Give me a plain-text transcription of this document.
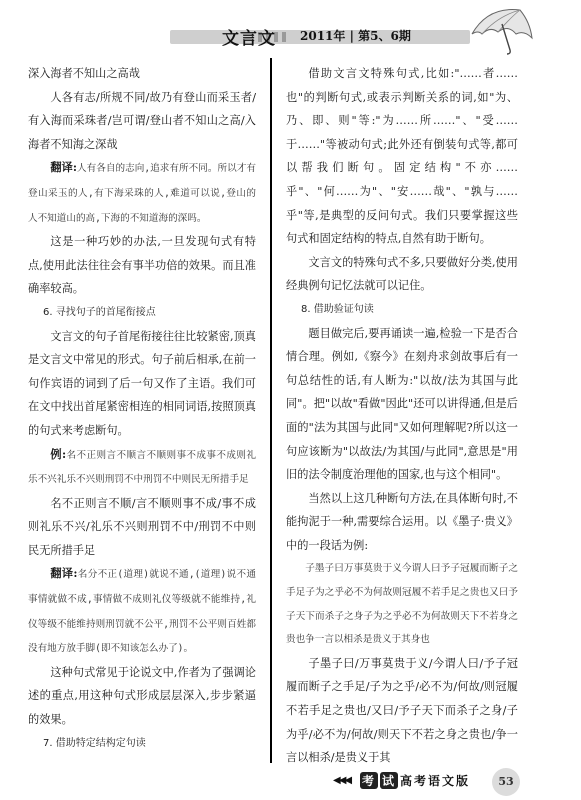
文言文 2011年 | 第5、6期

深入海者不知山之高哉

人各有志/所规不同/故乃有登山而采玉者/有入海而采珠者/岂可谓/登山者不知山之高/入海者不知海之深哉

翻译:人有各自的志向,追求有所不同。所以才有登山采玉的人,有下海采珠的人,难道可以说,登山的人不知道山的高,下海的不知道海的深吗。

这是一种巧妙的办法,一旦发现句式有特点,使用此法往往会有事半功倍的效果。而且准确率较高。

6. 寻找句子的首尾衔接点

文言文的句子首尾衔接往往比较紧密,顶真是文言文中常见的形式。句子前后相承,在前一句作宾语的词到了后一句又作了主语。我们可在文中找出首尾紧密相连的相同词语,按照顶真的句式来考虑断句。

例:名不正则言不顺言不顺则事不成事不成则礼乐不兴礼乐不兴则刑罚不中刑罚不中则民无所措手足

名不正则言不顺/言不顺则事不成/事不成则礼乐不兴/礼乐不兴则刑罚不中/刑罚不中则民无所措手足

翻译:名分不正(道理)就说不通,(道理)说不通事情就做不成,事情做不成则礼仪等级就不能维持,礼仪等级不能维持则刑罚就不公平,刑罚不公平则百姓都没有地方放手脚(即不知该怎么办了)。

这种句式常见于论说文中,作者为了强调论述的重点,用这种句式形成层层深入,步步紧逼的效果。

7. 借助特定结构定句读

借助文言文特殊句式,比如:"……者……也"的判断句式,或表示判断关系的词,如"为、乃、即、则"等:"为……所……"、"受……于……"等被动句式;此外还有倒装句式等,都可以帮我们断句。固定结构"不亦……乎"、"何……为"、"安……哉"、"孰与……乎"等,是典型的反问句式。我们只要掌握这些句式和固定结构的特点,自然有助于断句。

文言文的特殊句式不多,只要做好分类,使用经典例句记忆法就可以记住。

8. 借助验证句读

题目做完后,要再诵读一遍,检验一下是否合情合理。例如,《察今》在刻舟求剑故事后有一句总结性的话,有人断为:"以故/法为其国与此同"。把"以故"看做"因此"还可以讲得通,但是后面的"法为其国与此同"又如何理解呢?所以这一句应该断为"以故法/为其国/与此同",意思是"用旧的法令制度治理他的国家,也与这个相同"。

当然以上这几种断句方法,在具体断句时,不能拘泥于一种,需要综合运用。以《墨子·贵义》中的一段话为例:

子墨子曰万事莫贵于义今谓人曰予子冠履而断子之手足子为之乎必不为何故则冠履不若手足之贵也又曰予子天下而杀子之身子为之乎必不为何故则天下不若身之贵也争一言以相杀是贵义于其身也

子墨子曰/万事莫贵于义/今谓人曰/予子冠履而断子之手足/子为之乎/必不为/何故/则冠履不若手足之贵也/又曰/予子天下而杀子之身/子为乎/必不为/何故/则天下不若之身之贵也/争一言以相杀/是贵义于其

◀◀◀ 考 试 高考语文版	53
